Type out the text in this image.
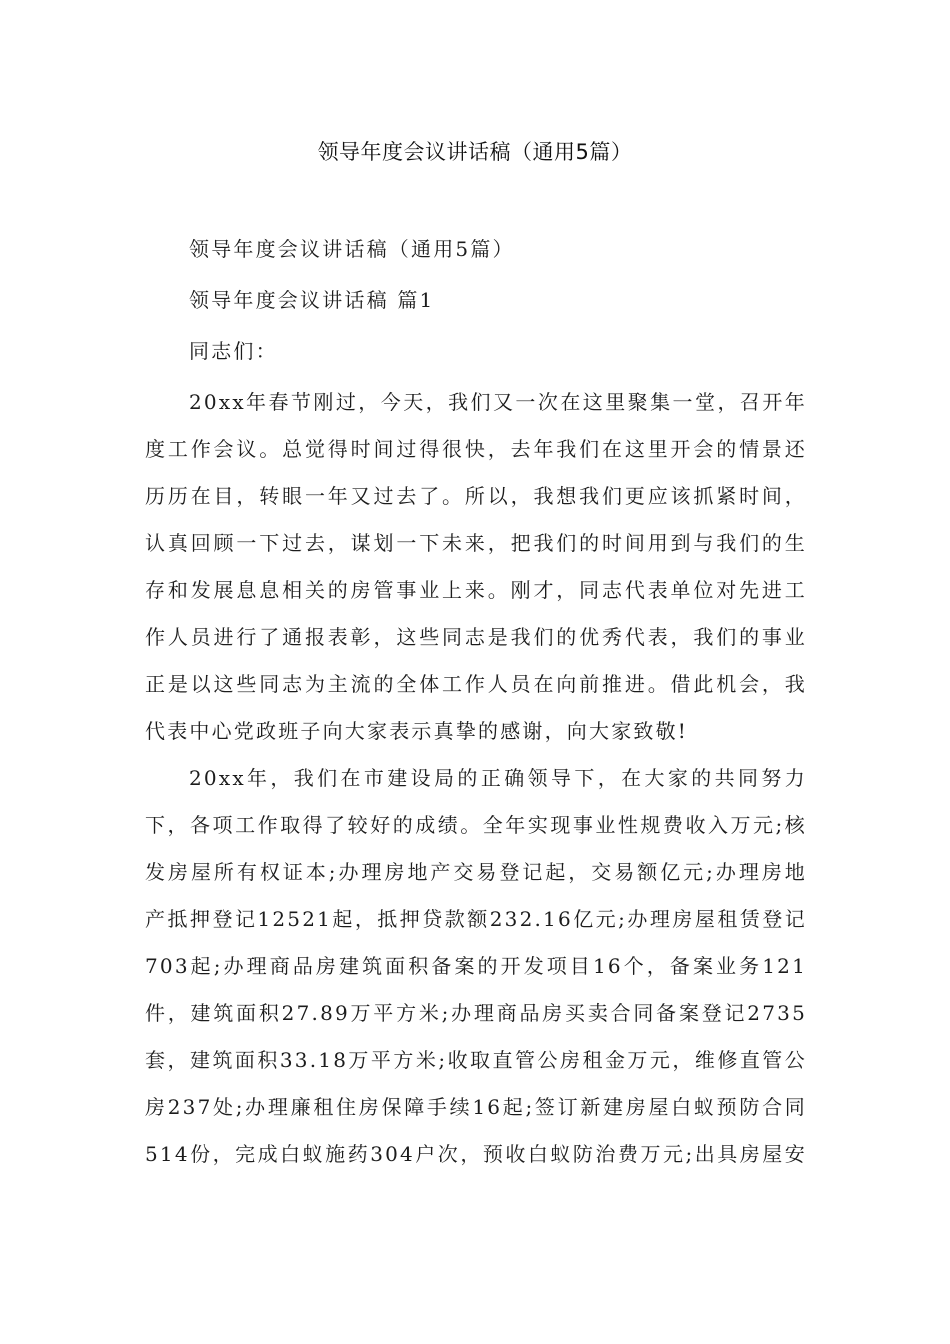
领导年度会议讲话稿（通用5篇）
领导年度会议讲话稿（通用5篇）
领导年度会议讲话稿 篇1
同志们：
20xx年春节刚过，今天，我们又一次在这里聚集一堂，召开年
度工作会议。总觉得时间过得很快，去年我们在这里开会的情景还
历历在目，转眼一年又过去了。所以，我想我们更应该抓紧时间，
认真回顾一下过去，谋划一下未来，把我们的时间用到与我们的生
存和发展息息相关的房管事业上来。刚才，同志代表单位对先进工
作人员进行了通报表彰，这些同志是我们的优秀代表，我们的事业
正是以这些同志为主流的全体工作人员在向前推进。借此机会，我
代表中心党政班子向大家表示真挚的感谢，向大家致敬!
20xx年，我们在市建设局的正确领导下，在大家的共同努力
下，各项工作取得了较好的成绩。全年实现事业性规费收入万元;核
发房屋所有权证本;办理房地产交易登记起，交易额亿元;办理房地
产抵押登记12521起，抵押贷款额232.16亿元;办理房屋租赁登记
703起;办理商品房建筑面积备案的开发项目16个，备案业务121
件，建筑面积27.89万平方米;办理商品房买卖合同备案登记2735
套，建筑面积33.18万平方米;收取直管公房租金万元，维修直管公
房237处;办理廉租住房保障手续16起;签订新建房屋白蚁预防合同
514份，完成白蚁施药304户次，预收白蚁防治费万元;出具房屋安
